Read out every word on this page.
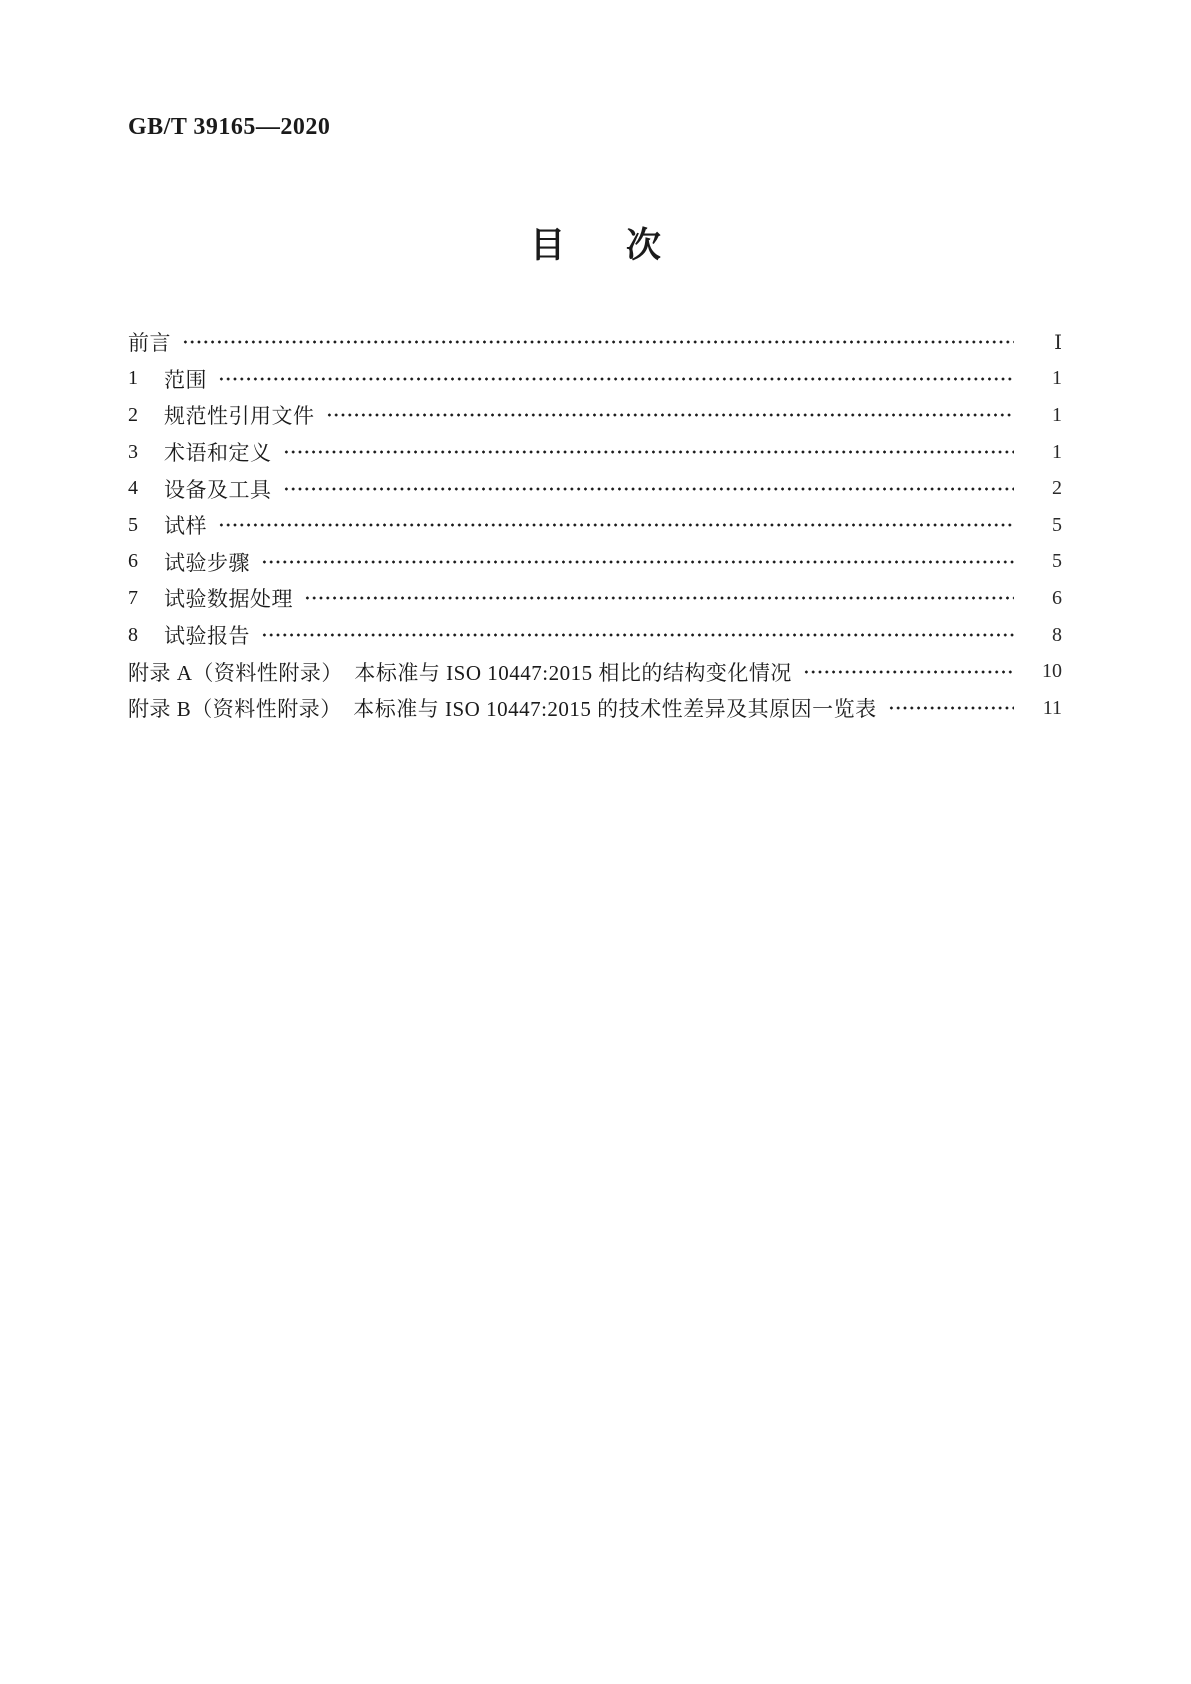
GB/T 39165—2020
目 次
前言	Ⅰ
1	范围	1
2	规范性引用文件	1
3	术语和定义	1
4	设备及工具	2
5	试样	5
6	试验步骤	5
7	试验数据处理	6
8	试验报告	8
附录 A（资料性附录）  本标准与 ISO 10447:2015 相比的结构变化情况	10
附录 B（资料性附录）  本标准与 ISO 10447:2015 的技术性差异及其原因一览表	11
